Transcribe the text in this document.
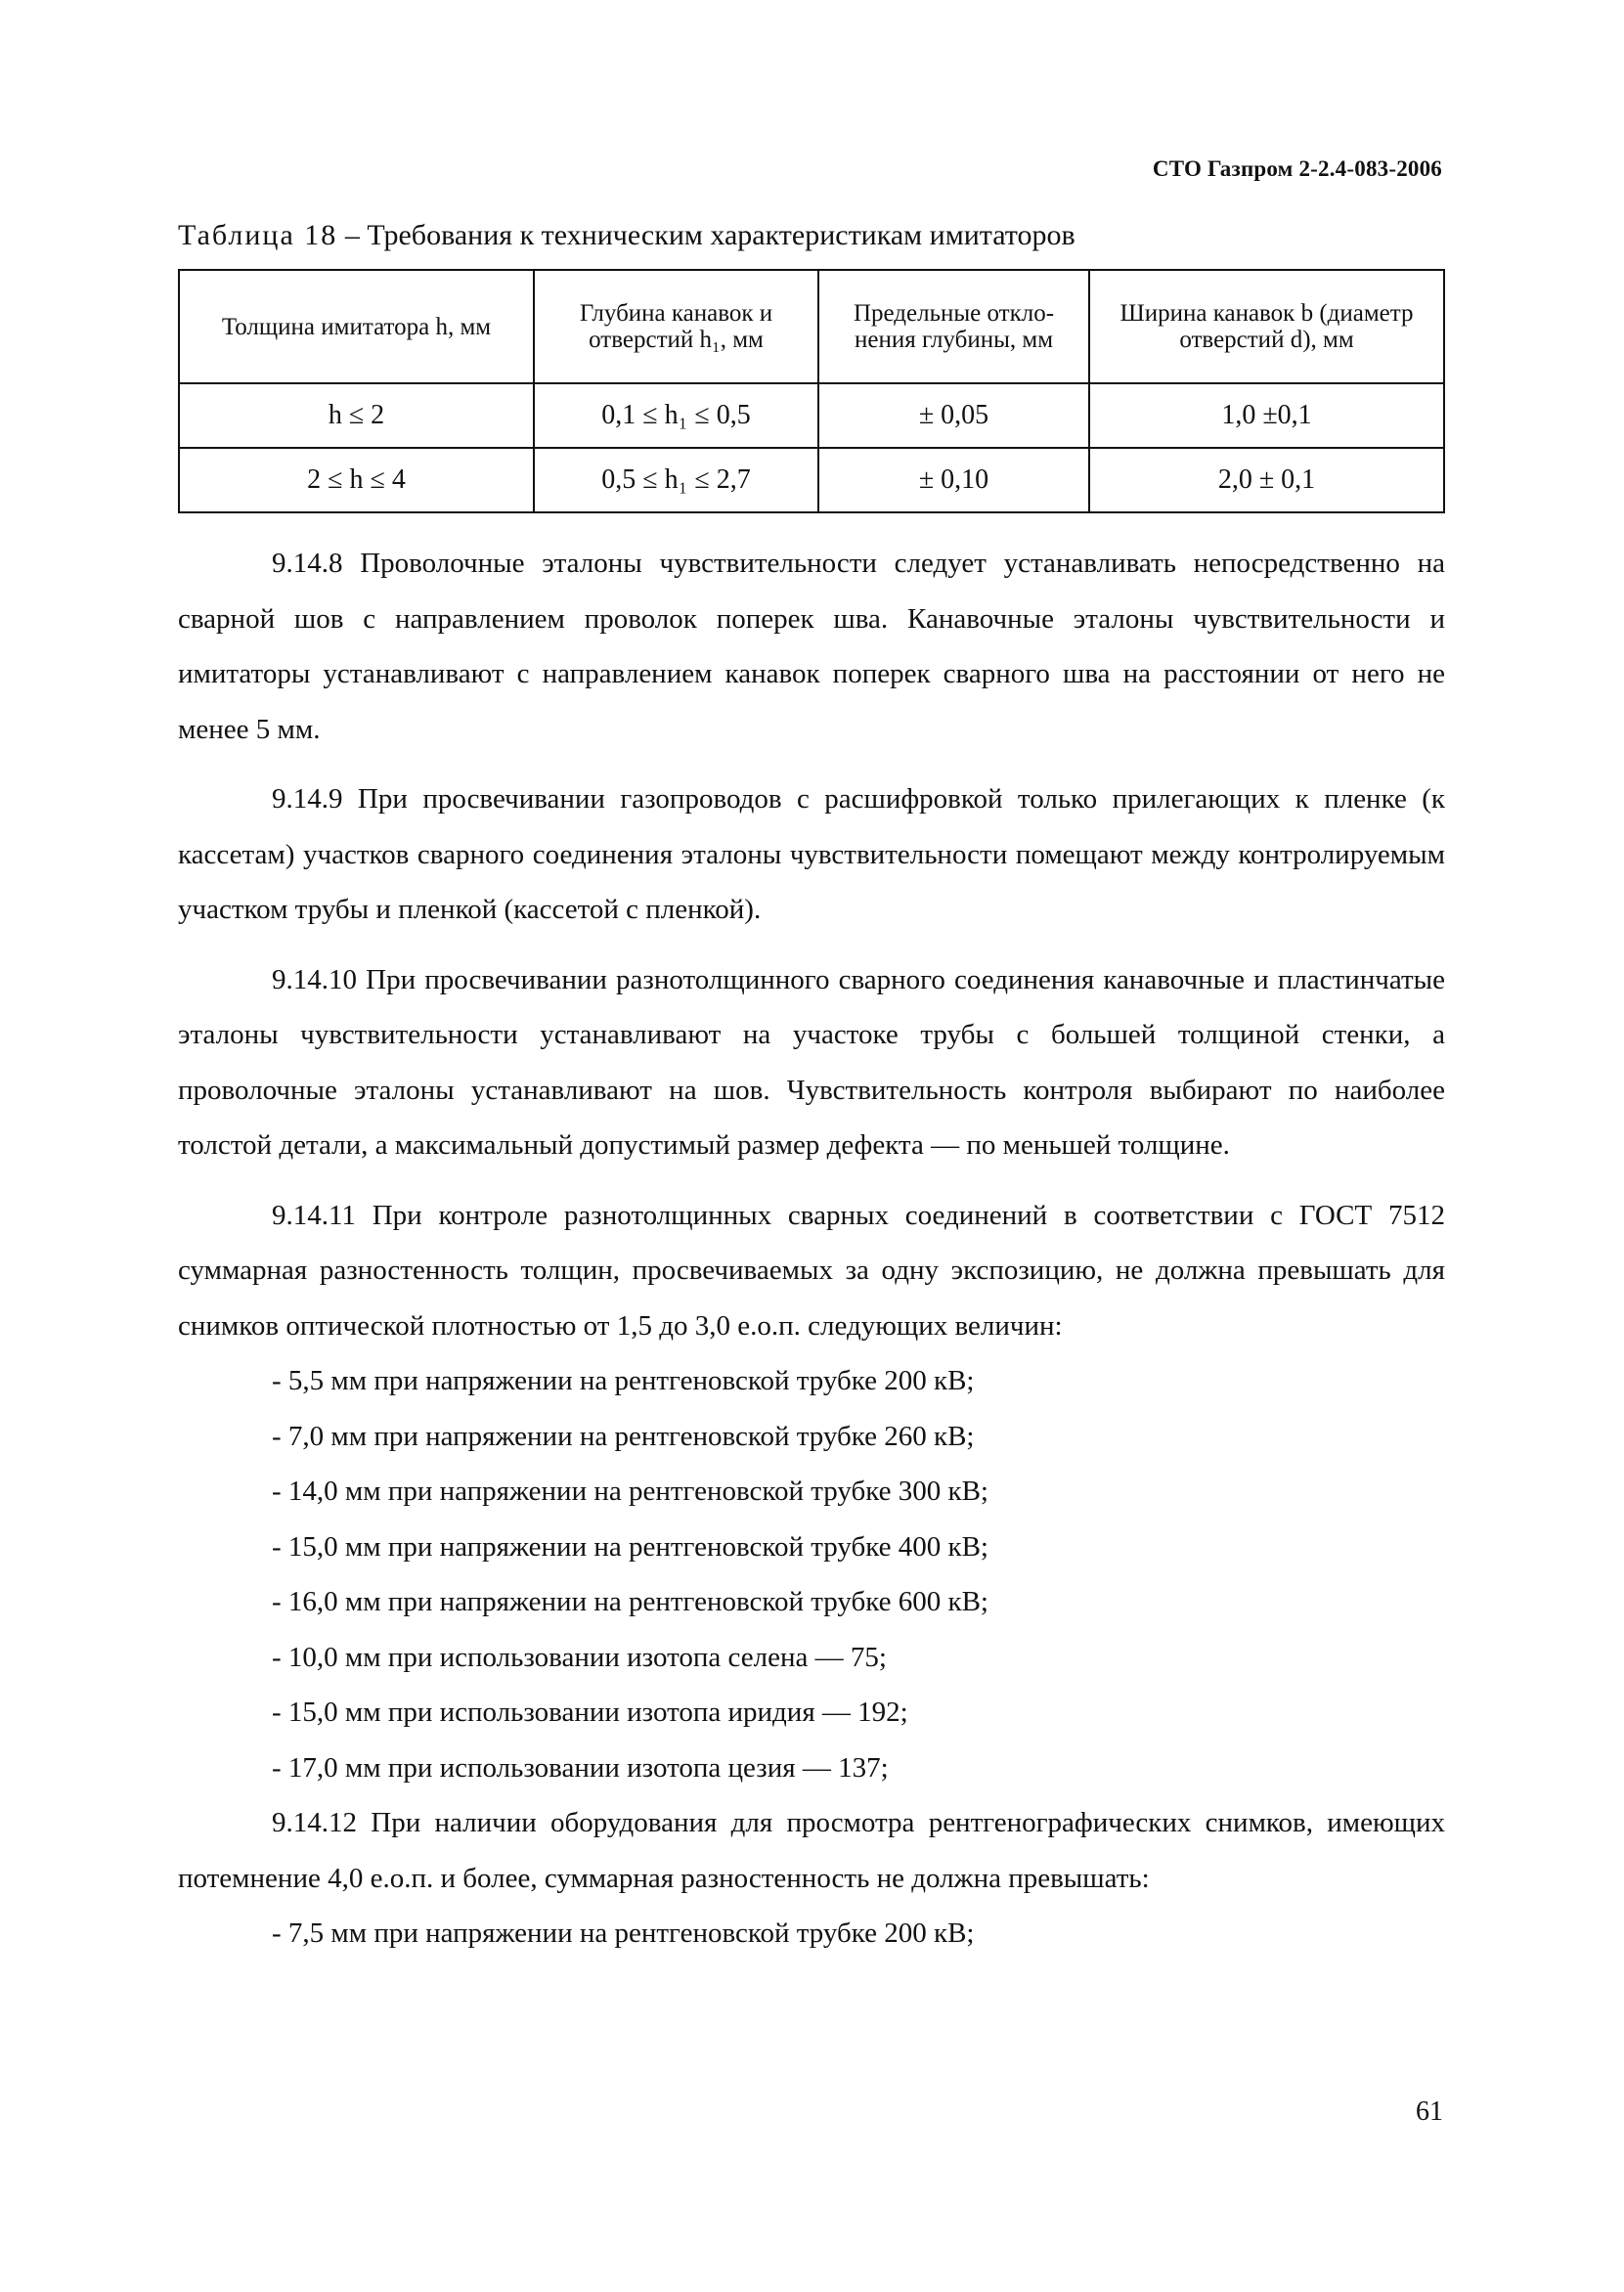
СТО Газпром 2-2.4-083-2006
Таблица 18 – Требования к техническим характеристикам имитаторов
Толщина имитатора h, мм	Глубина канавок и отверстий h₁, мм	Предельные откло-нения глубины, мм	Ширина канавок b (диаметр отверстий d), мм
h ≤ 2	0,1 ≤ h₁ ≤ 0,5	± 0,05	1,0 ±0,1
2 ≤ h ≤ 4	0,5 ≤ h₁ ≤ 2,7	± 0,10	2,0 ± 0,1

9.14.8 Проволочные эталоны чувствительности следует устанавливать непосредственно на сварной шов с направлением проволок поперек шва. Канавочные эталоны чувствительности и имитаторы устанавливают с направлением канавок поперек сварного шва на расстоянии от него не менее 5 мм.

9.14.9 При просвечивании газопроводов с расшифровкой только прилегающих к пленке (к кассетам) участков сварного соединения эталоны чувствительности помещают между контролируемым участком трубы и пленкой (кассетой с пленкой).

9.14.10 При просвечивании разнотолщинного сварного соединения канавочные и пластинчатые эталоны чувствительности устанавливают на участоке трубы с большей толщиной стенки, а проволочные эталоны устанавливают на шов. Чувствительность контроля выбирают по наиболее толстой детали, а максимальный допустимый размер дефекта — по меньшей толщине.

9.14.11 При контроле разнотолщинных сварных соединений в соответствии с ГОСТ 7512 суммарная разностенность толщин, просвечиваемых за одну экспозицию, не должна превышать для снимков оптической плотностью от 1,5 до 3,0 е.о.п. следующих величин:

- 5,5 мм при напряжении на рентгеновской трубке 200 кВ;
- 7,0 мм при напряжении на рентгеновской трубке 260 кВ;
- 14,0 мм при напряжении на рентгеновской трубке 300 кВ;
- 15,0 мм при напряжении на рентгеновской трубке 400 кВ;
- 16,0 мм при напряжении на рентгеновской трубке 600 кВ;
- 10,0 мм при использовании изотопа селена — 75;
- 15,0 мм при использовании изотопа иридия — 192;
- 17,0 мм при использовании изотопа цезия — 137;

9.14.12 При наличии оборудования для просмотра рентгенографических снимков, имеющих потемнение 4,0 е.о.п. и более, суммарная разностенность не должна превышать:

- 7,5 мм при напряжении на рентгеновской трубке 200 кВ;
61
